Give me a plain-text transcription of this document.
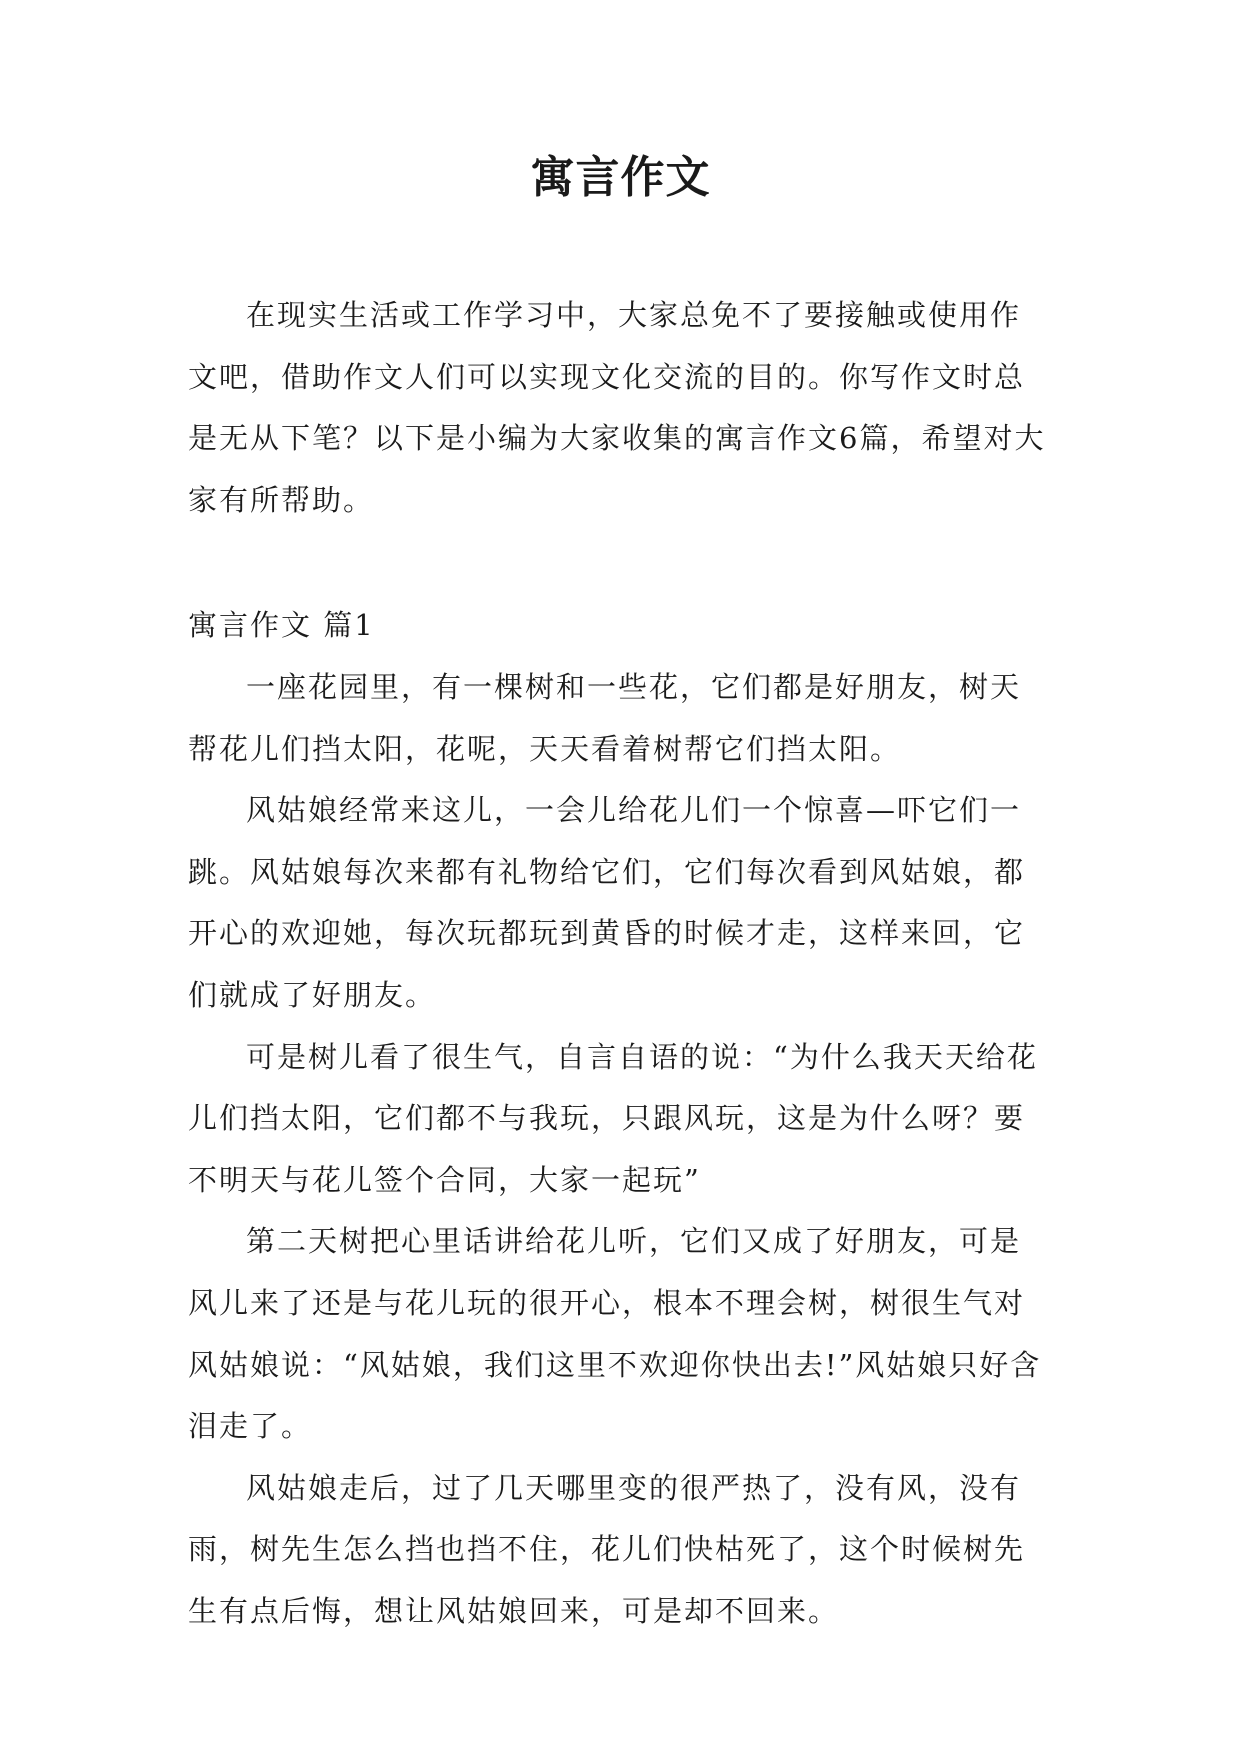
寓言作文

在现实生活或工作学习中，大家总免不了要接触或使用作文吧，借助作文人们可以实现文化交流的目的。你写作文时总是无从下笔？以下是小编为大家收集的寓言作文6篇，希望对大家有所帮助。

寓言作文 篇1

一座花园里，有一棵树和一些花，它们都是好朋友，树天帮花儿们挡太阳，花呢，天天看着树帮它们挡太阳。

风姑娘经常来这儿，一会儿给花儿们一个惊喜—吓它们一跳。风姑娘每次来都有礼物给它们，它们每次看到风姑娘，都开心的欢迎她，每次玩都玩到黄昏的时候才走，这样来回，它们就成了好朋友。

可是树儿看了很生气，自言自语的说：“为什么我天天给花儿们挡太阳，它们都不与我玩，只跟风玩，这是为什么呀？要不明天与花儿签个合同，大家一起玩”

第二天树把心里话讲给花儿听，它们又成了好朋友，可是风儿来了还是与花儿玩的很开心，根本不理会树，树很生气对风姑娘说：“风姑娘，我们这里不欢迎你快出去!”风姑娘只好含泪走了。

风姑娘走后，过了几天哪里变的很严热了，没有风，没有雨，树先生怎么挡也挡不住，花儿们快枯死了，这个时候树先生有点后悔，想让风姑娘回来，可是却不回来。
